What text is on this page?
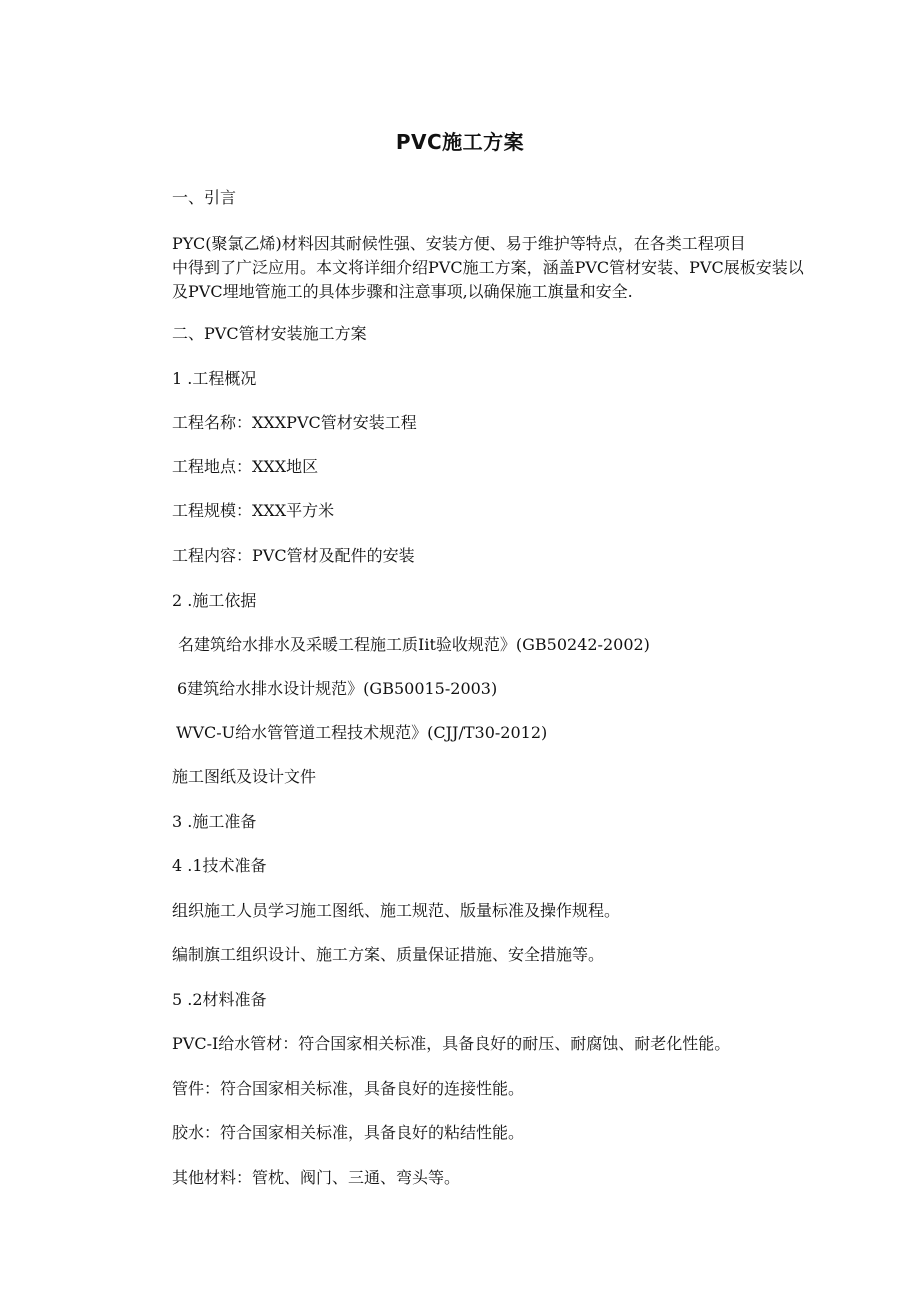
PVC施工方案
一、引言
PYC(聚氯乙烯)材料因其耐候性强、安装方便、易于维护等特点，在各类工程项目
中得到了广泛应用。本文将详细介绍PVC施工方案，涵盖PVC管材安装、PVC展板安装以
及PVC埋地管施工的具体步骤和注意事项,以确保施工旗量和安全.
二、PVC管材安装施工方案
1 .工程概况
工程名称：XXXPVC管材安装工程
工程地点：XXX地区
工程规模：XXX平方米
工程内容：PVC管材及配件的安装
2 .施工依据
名建筑给水排水及采暖工程施工质Iit验收规范》(GB50242-2002)
6建筑给水排水设计规范》(GB50015-2003)
WVC-U给水管管道工程技术规范》(CJJ/T30-2012)
施工图纸及设计文件
3 .施工准备
4 .1技术准备
组织施工人员学习施工图纸、施工规范、版量标准及操作规程。
编制旗工组织设计、施工方案、质量保证措施、安全措施等。
5 .2材料准备
PVC-I给水管材：符合国家相关标准，具备良好的耐压、耐腐蚀、耐老化性能。
管件：符合国家相关标准，具备良好的连接性能。
胶水：符合国家相关标准，具备良好的粘结性能。
其他材料：管枕、阀门、三通、弯头等。
